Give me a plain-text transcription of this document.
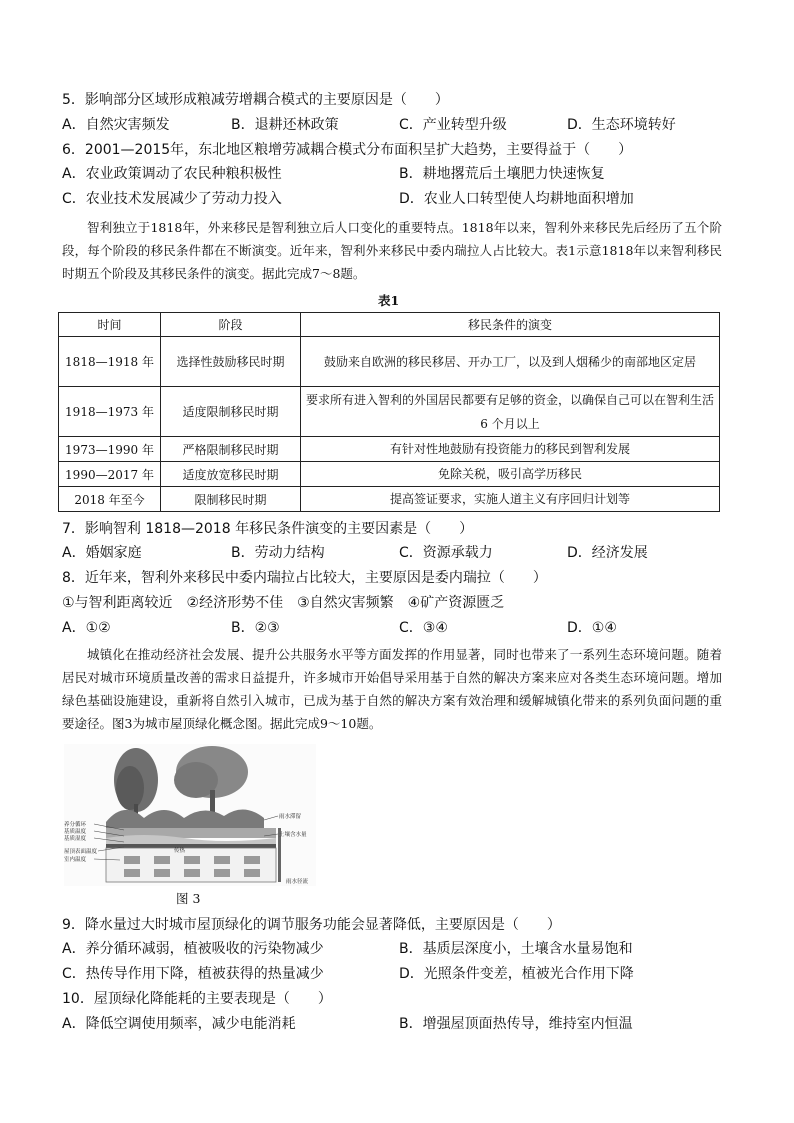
5．影响部分区域形成粮减劳增耦合模式的主要原因是（　　）
A．自然灾害频发	B．退耕还林政策	C．产业转型升级	D．生态环境转好
6．2001—2015年，东北地区粮增劳减耦合模式分布面积呈扩大趋势，主要得益于（　　）
A．农业政策调动了农民种粮积极性	B．耕地撂荒后土壤肥力快速恢复
C．农业技术发展减少了劳动力投入	D．农业人口转型使人均耕地面积增加
智利独立于1818年，外来移民是智利独立后人口变化的重要特点。1818年以来，智利外来移民先后经历了五个阶段，每个阶段的移民条件都在不断演变。近年来，智利外来移民中委内瑞拉人占比较大。表1示意1818年以来智利移民时期五个阶段及其移民条件的演变。据此完成7～8题。
表1
时间	阶段	移民条件的演变
1818—1918 年	选择性鼓励移民时期	鼓励来自欧洲的移民移居、开办工厂，以及到人烟稀少的南部地区定居
1918—1973 年	适度限制移民时期	要求所有进入智利的外国居民都要有足够的资金，以确保自己可以在智利生活 6 个月以上
1973—1990 年	严格限制移民时期	有针对性地鼓励有投资能力的移民到智利发展
1990—2017 年	适度放宽移民时期	免除关税，吸引高学历移民
2018 年至今	限制移民时期	提高签证要求，实施人道主义有序回归计划等
7．影响智利 1818—2018 年移民条件演变的主要因素是（　　）
A．婚姻家庭	B．劳动力结构	C．资源承载力	D．经济发展
8．近年来，智利外来移民中委内瑞拉占比较大，主要原因是委内瑞拉（　　）
①与智利距离较近　②经济形势不佳　③自然灾害频繁　④矿产资源匮乏
A．①②	B．②③	C．③④	D．①④
城镇化在推动经济社会发展、提升公共服务水平等方面发挥的作用显著，同时也带来了一系列生态环境问题。随着居民对城市环境质量改善的需求日益提升，许多城市开始倡导采用基于自然的解决方案来应对各类生态环境问题。增加绿色基础设施建设，重新将自然引入城市，已成为基于自然的解决方案有效治理和缓解城镇化带来的系列负面问题的重要途径。图3为城市屋顶绿化概念图。据此完成9～10题。
养分循环
基质温度
基质湿度
屋顶表面温度
室内温度
雨水滞留
土壤含水量
雨水径流
传热
图 3
9．降水量过大时城市屋顶绿化的调节服务功能会显著降低，主要原因是（　　）
A．养分循环减弱，植被吸收的污染物减少	B．基质层深度小，土壤含水量易饱和
C．热传导作用下降，植被获得的热量减少	D．光照条件变差，植被光合作用下降
10．屋顶绿化降能耗的主要表现是（　　）
A．降低空调使用频率，减少电能消耗	B．增强屋顶面热传导，维持室内恒温
